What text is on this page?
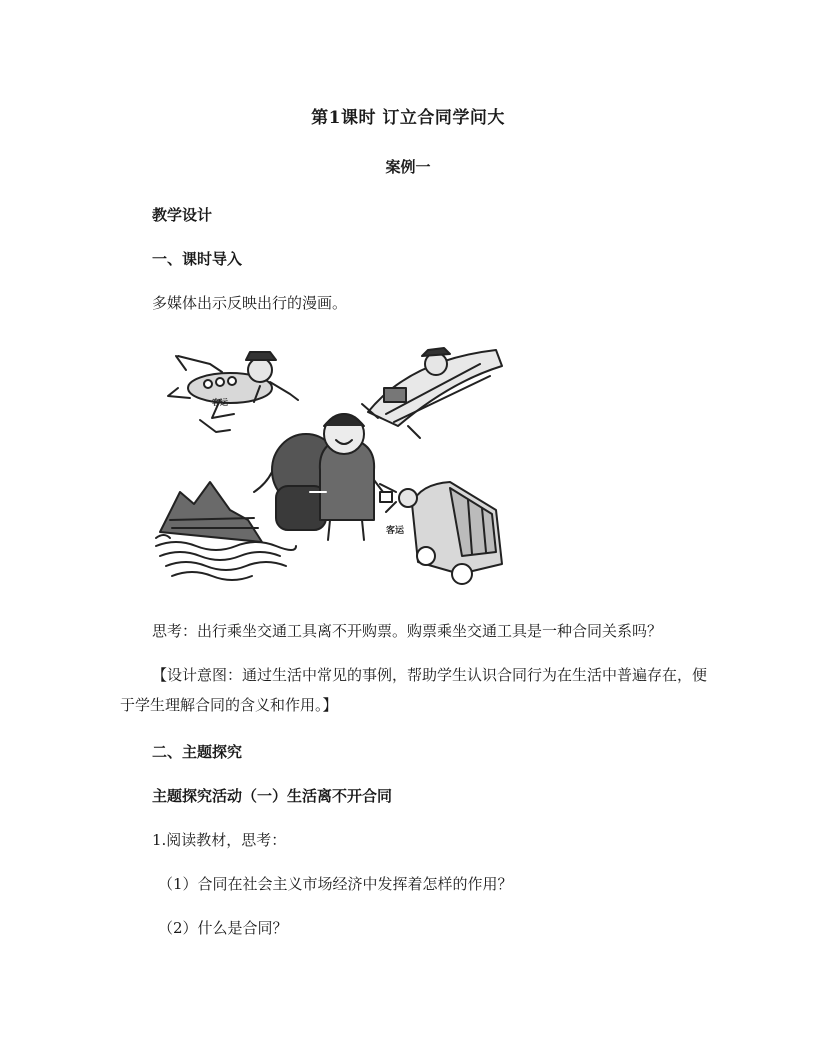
第1课时 订立合同学问大
案例一
教学设计
一、课时导入
多媒体出示反映出行的漫画。
客运
客运
思考：出行乘坐交通工具离不开购票。购票乘坐交通工具是一种合同关系吗？
【设计意图：通过生活中常见的事例，帮助学生认识合同行为在生活中普遍存在，便于学生理解合同的含义和作用。】
二、主题探究
主题探究活动（一）生活离不开合同
1.阅读教材，思考：
（1）合同在社会主义市场经济中发挥着怎样的作用？
（2）什么是合同？
